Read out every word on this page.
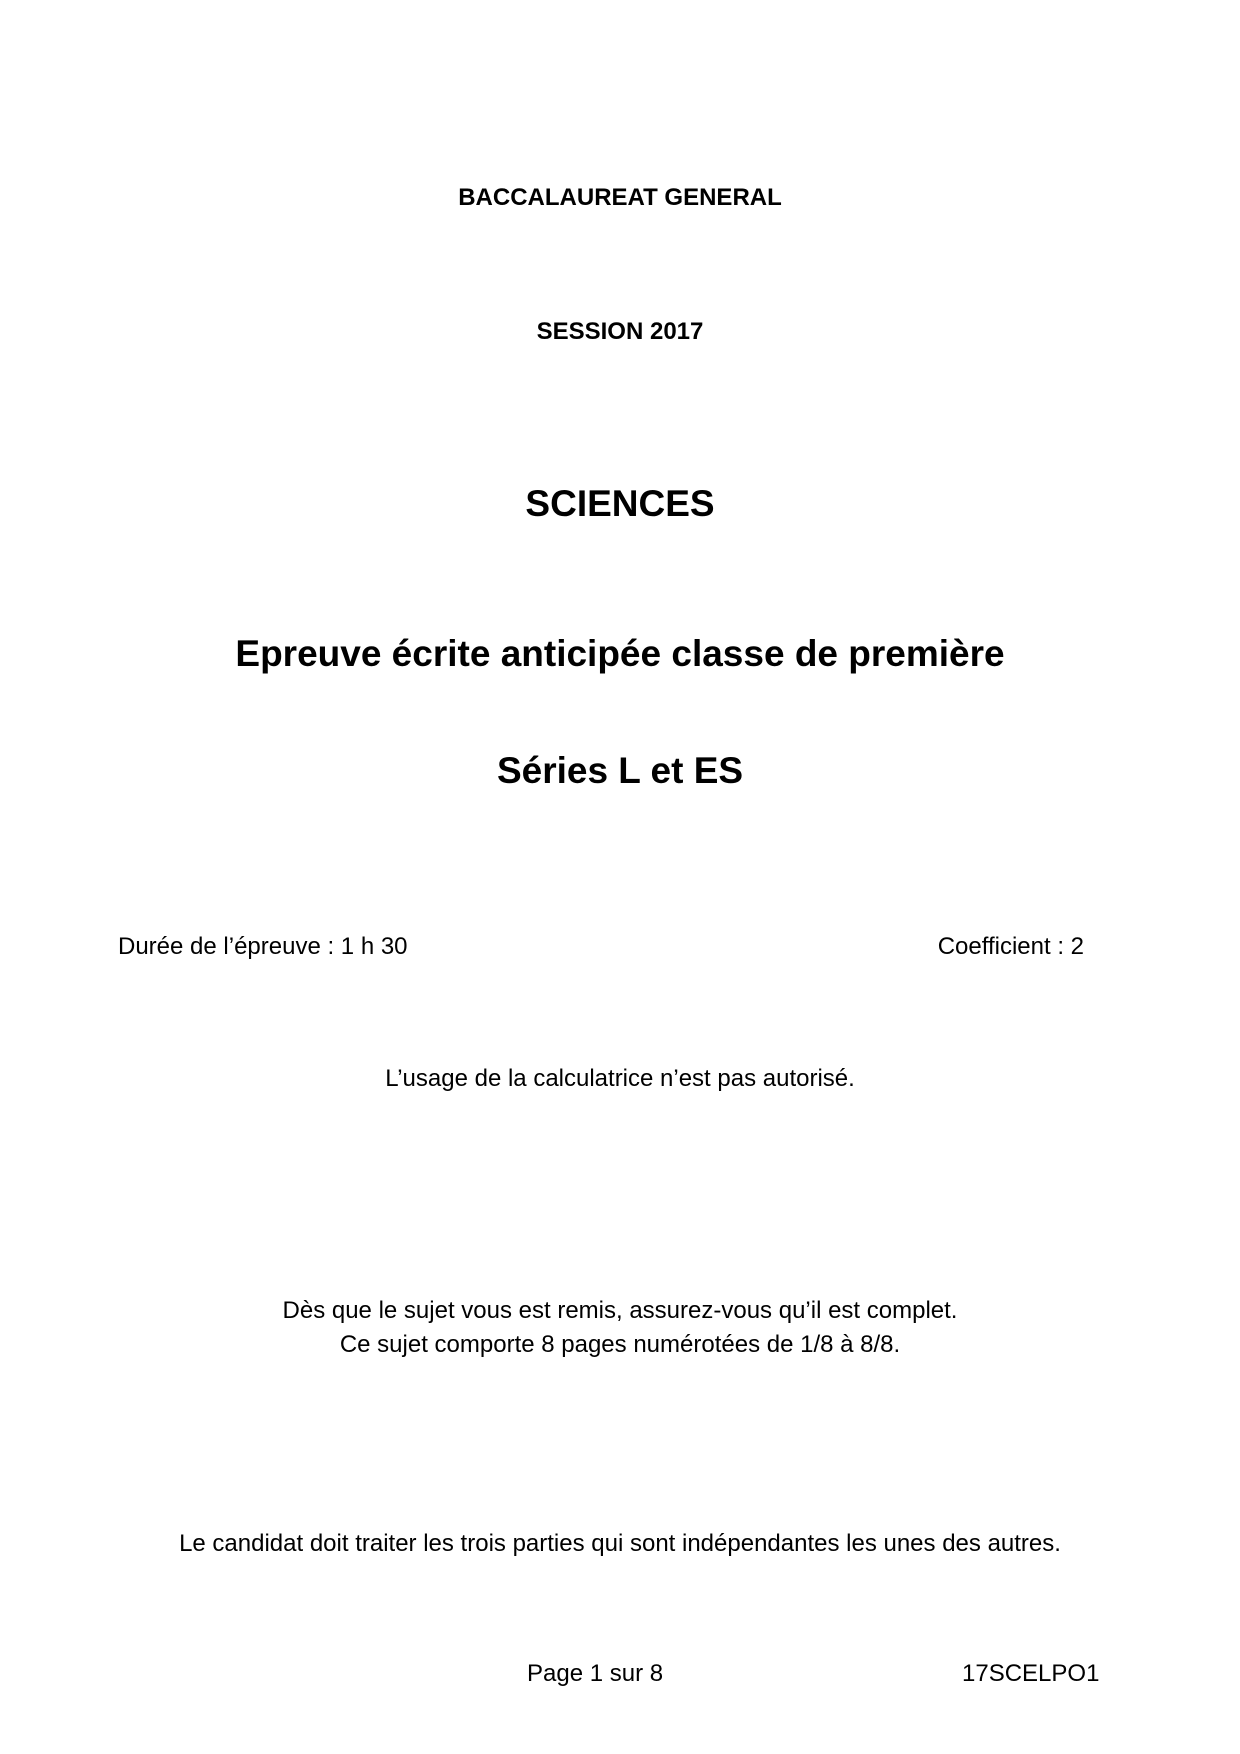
BACCALAUREAT GENERAL
SESSION 2017
SCIENCES
Epreuve écrite anticipée classe de première
Séries L et ES
Durée de l’épreuve : 1 h 30	Coefficient : 2
L’usage de la calculatrice n’est pas autorisé.
Dès que le sujet vous est remis, assurez-vous qu’il est complet.
Ce sujet comporte 8 pages numérotées de 1/8 à 8/8.
Le candidat doit traiter les trois parties qui sont indépendantes les unes des autres.
Page 1 sur 8	17SCELPO1
